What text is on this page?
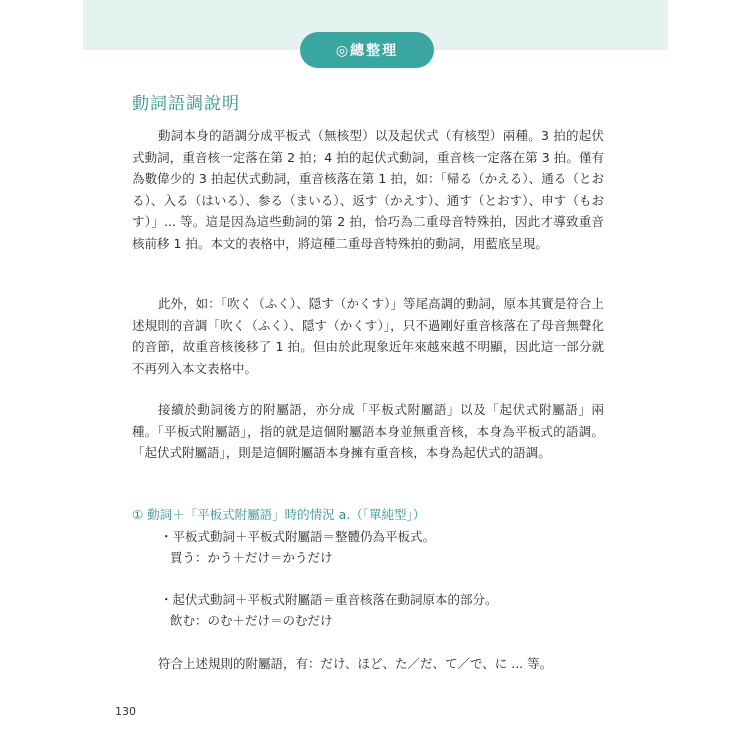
◎總整理
動詞語調說明

動詞本身的語調分成平板式（無核型）以及起伏式（有核型）兩種。3 拍的起伏式動詞，重音核一定落在第 2 拍；4 拍的起伏式動詞，重音核一定落在第 3 拍。僅有為數偉少的 3 拍起伏式動詞，重音核落在第 1 拍，如：「帰る（かえる）、通る（とおる）、入る（はいる）、参る（まいる）、返す（かえす）、通す（とおす）、申す（もおす）」... 等。這是因為這些動詞的第 2 拍，恰巧為二重母音特殊拍，因此才導致重音核前移 1 拍。本文的表格中，將這種二重母音特殊拍的動詞，用藍底呈現。

此外，如：「吹く（ふく）、隠す（かくす）」等尾高調的動詞，原本其實是符合上述規則的音調「吹く（ふく）、隠す（かくす）」，只不過剛好重音核落在了母音無聲化的音節，故重音核後移了 1 拍。但由於此現象近年來越來越不明顯，因此這一部分就不再列入本文表格中。

接續於動詞後方的附屬語，亦分成「平板式附屬語」以及「起伏式附屬語」兩種。「平板式附屬語」，指的就是這個附屬語本身並無重音核，本身為平板式的語調。「起伏式附屬語」，則是這個附屬語本身擁有重音核，本身為起伏式的語調。

① 動詞＋「平板式附屬語」時的情況 a.（「單純型」）

・平板式動詞＋平板式附屬語＝整體仍為平板式。

買う：かう＋だけ＝かうだけ

・起伏式動詞＋平板式附屬語＝重音核落在動詞原本的部分。

飲む：のむ＋だけ＝のむだけ

符合上述規則的附屬語，有：だけ、ほど、た／だ、て／で、に ... 等。

130
